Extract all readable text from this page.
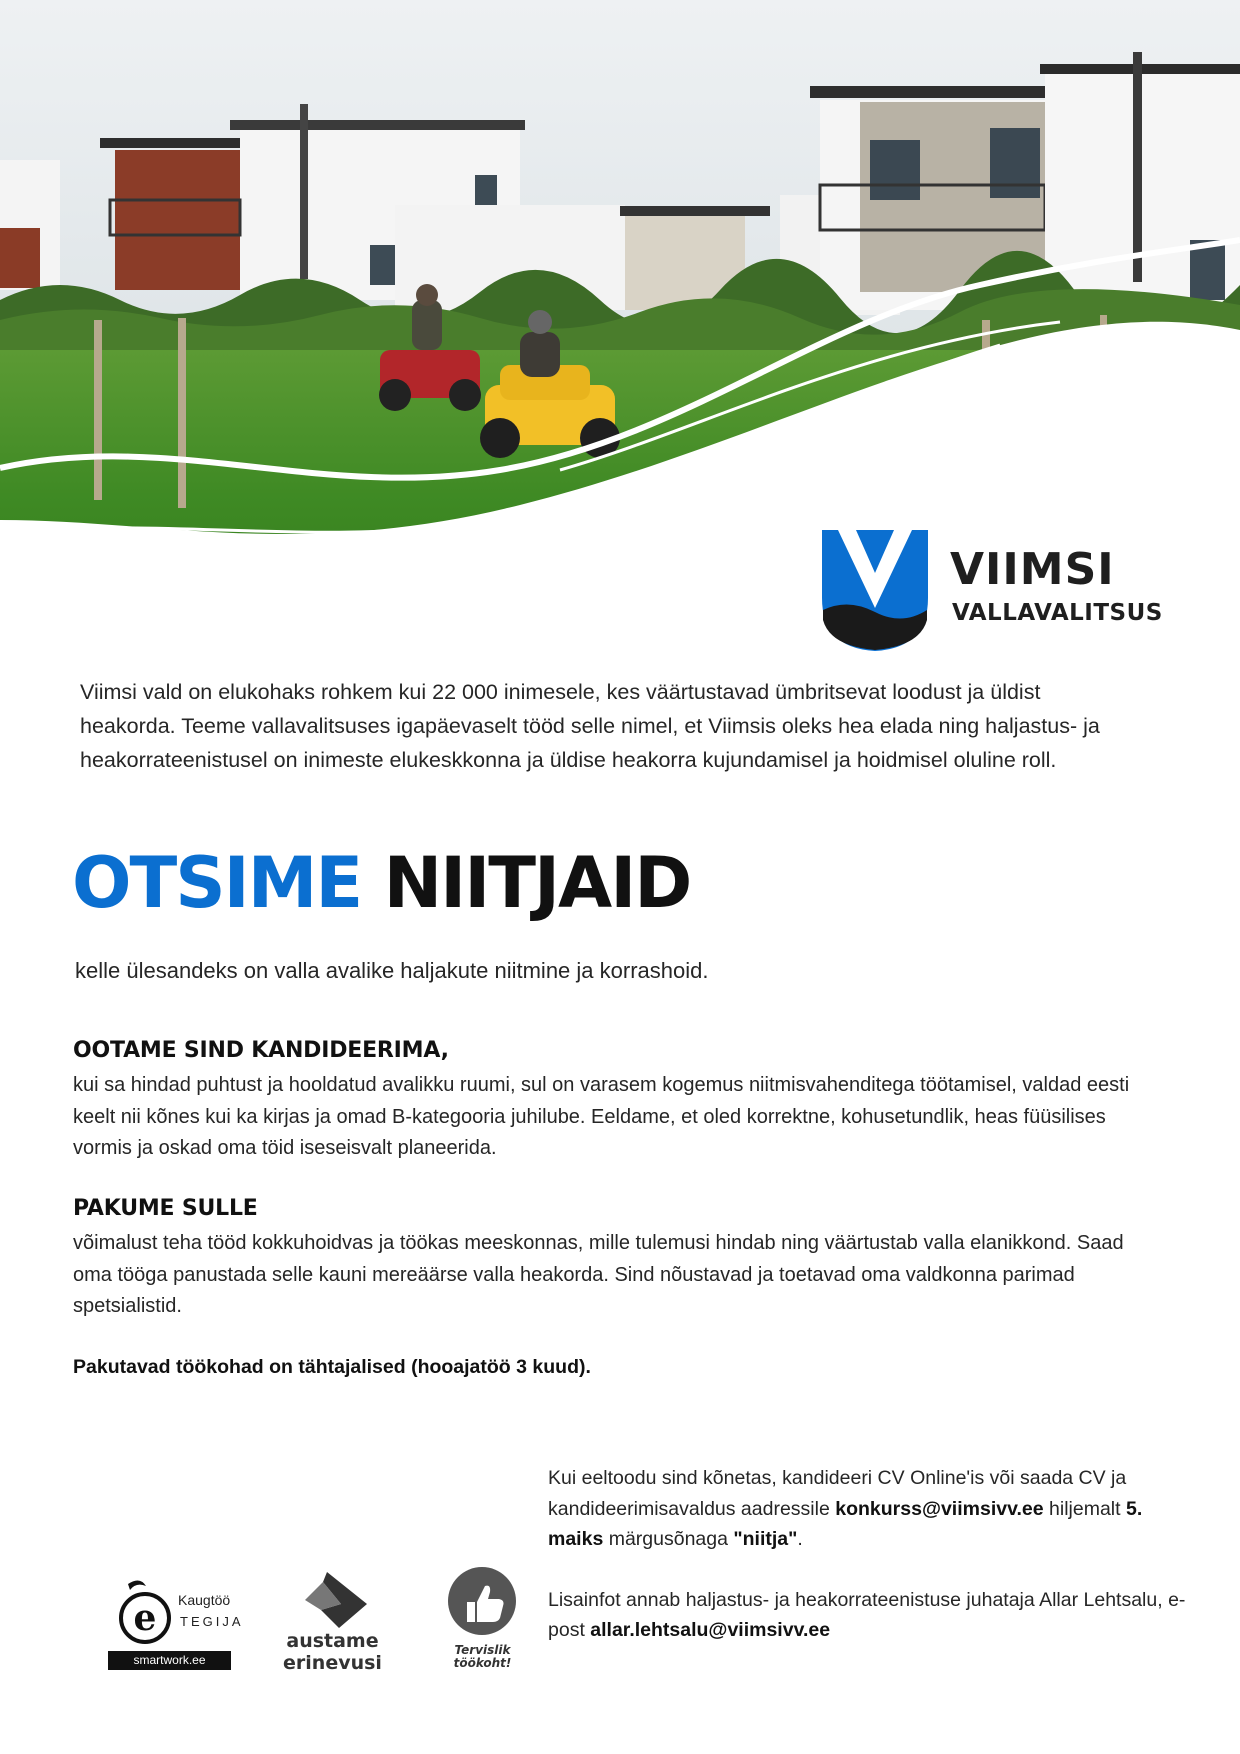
VIIMSI
VALLAVALITSUS

Viimsi vald on elukohaks rohkem kui 22 000 inimesele, kes väärtustavad ümbritsevat loodust ja üldist heakorda. Teeme vallavalitsuses igapäevaselt tööd selle nimel, et Viimsis oleks hea elada ning haljastus- ja heakorrateenistusel on inimeste elukeskkonna ja üldise heakorra kujundamisel ja hoidmisel oluline roll.

OTSIME NIITJAID

kelle ülesandeks on valla avalike haljakute niitmine ja korrashoid.

OOTAME SIND KANDIDEERIMA,

kui sa hindad puhtust ja hooldatud avalikku ruumi, sul on varasem kogemus niitmisvahenditega töötamisel, valdad eesti keelt nii kõnes kui ka kirjas ja omad B-kategooria juhilube. Eeldame, et oled korrektne, kohusetundlik, heas füüsilises vormis ja oskad oma töid iseseisvalt planeerida.

PAKUME SULLE

võimalust teha tööd kokkuhoidvas ja töökas meeskonnas, mille tulemusi hindab ning väärtustab valla elanikkond. Saad oma tööga panustada selle kauni mereäärse valla heakorda. Sind nõustavad ja toetavad oma valdkonna parimad spetsialistid.

Pakutavad töökohad on tähtajalised (hooajatöö 3 kuud).

Kui eeltoodu sind kõnetas, kandideeri CV Online'is või saada CV ja kandideerimisavaldus aadressile konkurss@viimsivv.ee hiljemalt 5. maiks märgusõnaga "niitja".
Lisainfot annab haljastus- ja heakorrateenistuse juhataja Allar Lehtsalu, e-post allar.lehtsalu@viimsivv.ee

e Kaugtöö
TEGIJA
smartwork.ee
austame
erinevusi
Tervislik
töökoht!
